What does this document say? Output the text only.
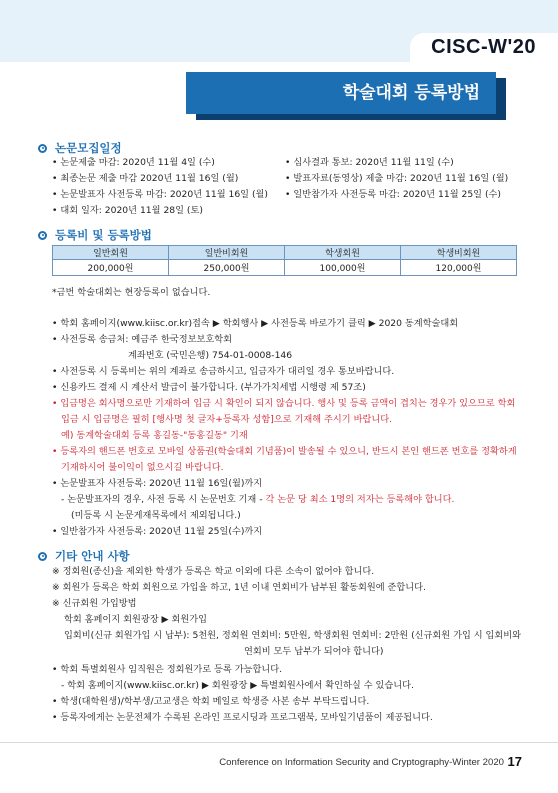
CISC-W'20
학술대회 등록방법
논문모집일정
• 논문제출 마감: 2020년 11월 4일 (수)
• 최종논문 제출 마감 2020년 11월 16일 (월)
• 논문발표자 사전등록 마감: 2020년 11월 16일 (월)
• 대회 일자: 2020년 11월 28일 (토)
• 심사결과 통보: 2020년 11월 11일 (수)
• 발표자료(동영상) 제출 마감: 2020년 11월 16일 (월)
• 일반참가자 사전등록 마감: 2020년 11월 25일 (수)
등록비 및 등록방법
일반회원	일반비회원	학생회원	학생비회원
200,000원	250,000원	100,000원	120,000원
*금번 학술대회는 현장등록이 없습니다.
• 학회 홈페이지(www.kiisc.or.kr)접속 ▶ 학회행사 ▶ 사전등록 바로가기 클릭 ▶ 2020 동계학술대회
• 사전등록 송금처: 예금주 한국정보보호학회
계좌번호 (국민은행) 754-01-0008-146
• 사전등록 시 등록비는 위의 계좌로 송금하시고, 입금자가 대리일 경우 통보바랍니다.
• 신용카드 결제 시 계산서 발급이 불가합니다. (부가가치세법 시행령 제 57조)
• 입금명은 회사명으로만 기재하여 입금 시 확인이 되지 않습니다. 행사 및 등록 금액이 겹치는 경우가 있으므로 학회
입금 시 입금명은 필히 [행사명 첫 글자+등록자 성함]으로 기재해 주시기 바랍니다.
예) 동계학술대회 등록 홍길동-"동홍길동" 기재
• 등록자의 핸드폰 번호로 모바일 상품권(학술대회 기념품)이 발송될 수 있으니, 반드시 본인 핸드폰 번호를 정확하게
기재하시어 불이익이 없으시길 바랍니다.
• 논문발표자 사전등록: 2020년 11월 16일(월)까지
- 논문발표자의 경우, 사전 등록 시 논문번호 기재 - 각 논문 당 최소 1명의 저자는 등록해야 합니다.
(미등록 시 논문게재목록에서 제외됩니다.)
• 일반참가자 사전등록: 2020년 11월 25일(수)까지
기타 안내 사항
※ 정회원(종신)을 제외한 학생가 등록은 학교 이외에 다른 소속이 없어야 합니다.
※ 회원가 등록은 학회 회원으로 가입을 하고, 1년 이내 연회비가 납부된 활동회원에 준합니다.
※ 신규회원 가입방법
학회 홈페이지 회원광장 ▶ 회원가입
입회비(신규 회원가입 시 납부): 5천원, 정회원 연회비: 5만원, 학생회원 연회비: 2만원 (신규회원 가입 시 입회비와
연회비 모두 납부가 되어야 합니다)
• 학회 특별회원사 임직원은 정회원가로 등록 가능합니다.
- 학회 홈페이지(www.kiisc.or.kr) ▶ 회원광장 ▶ 특별회원사에서 확인하실 수 있습니다.
• 학생(대학원생)/학부생/고교생은 학회 메일로 학생증 사본 송부 부탁드립니다.
• 등록자에게는 논문전체가 수록된 온라인 프로시딩과 프로그램북, 모바일기념품이 제공됩니다.
Conference on Information Security and Cryptography-Winter 2020 17
